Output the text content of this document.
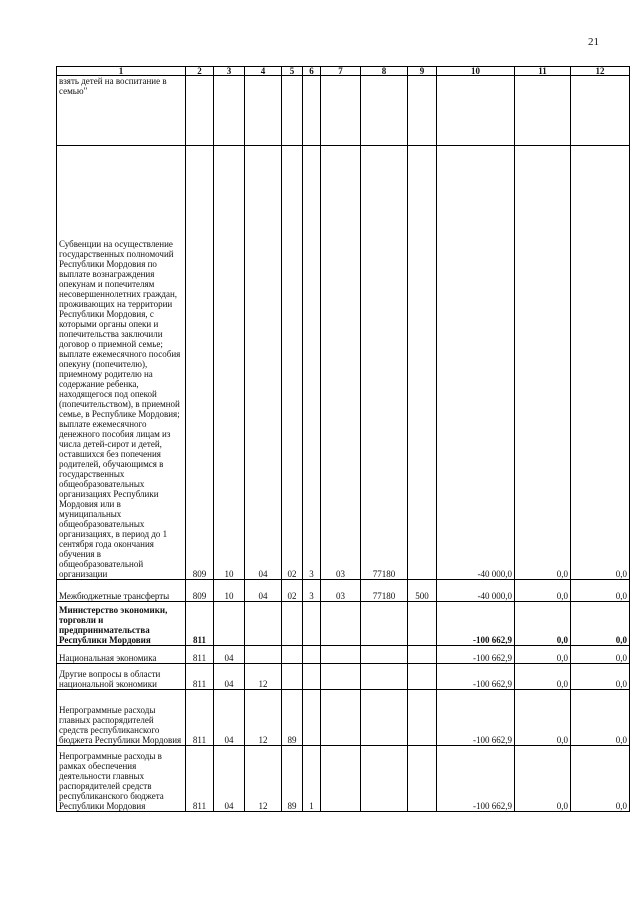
21
1	2	3	4	5	6	7	8	9	10	11	12
взять детей на воспитание в семью"											
Субвенции на осуществление государственных полномочий Республики Мордовия по выплате вознаграждения опекунам и попечителям несовершеннолетних граждан, проживающих на территории Республики Мордовия, с которыми органы опеки и попечительства заключили договор о приемной семье; выплате ежемесячного пособия опекуну (попечителю), приемному родителю на содержание ребенка, находящегося под опекой (попечительством), в приемной семье, в Республике Мордовия; выплате ежемесячного денежного пособия лицам из числа детей-сирот и детей, оставшихся без попечения родителей, обучающимся в государственных общеобразовательных организациях Республики Мордовия или в муниципальных общеобразовательных организациях, в период до 1 сентября года окончания обучения в общеобразовательной организации	809	10	04	02	3	03	77180		-40 000,0	0,0	0,0
Межбюджетные трансферты	809	10	04	02	3	03	77180	500	-40 000,0	0,0	0,0
Министерство экономики, торговли и предпринимательства Республики Мордовия	811								-100 662,9	0,0	0,0
Национальная экономика	811	04							-100 662,9	0,0	0,0
Другие вопросы в области национальной экономики	811	04	12						-100 662,9	0,0	0,0
Непрограммные расходы главных распорядителей средств республиканского бюджета Республики Мордовия	811	04	12	89					-100 662,9	0,0	0,0
Непрограммные расходы в рамках обеспечения деятельности главных распорядителей средств республиканского бюджета Республики Мордовия	811	04	12	89	1				-100 662,9	0,0	0,0
